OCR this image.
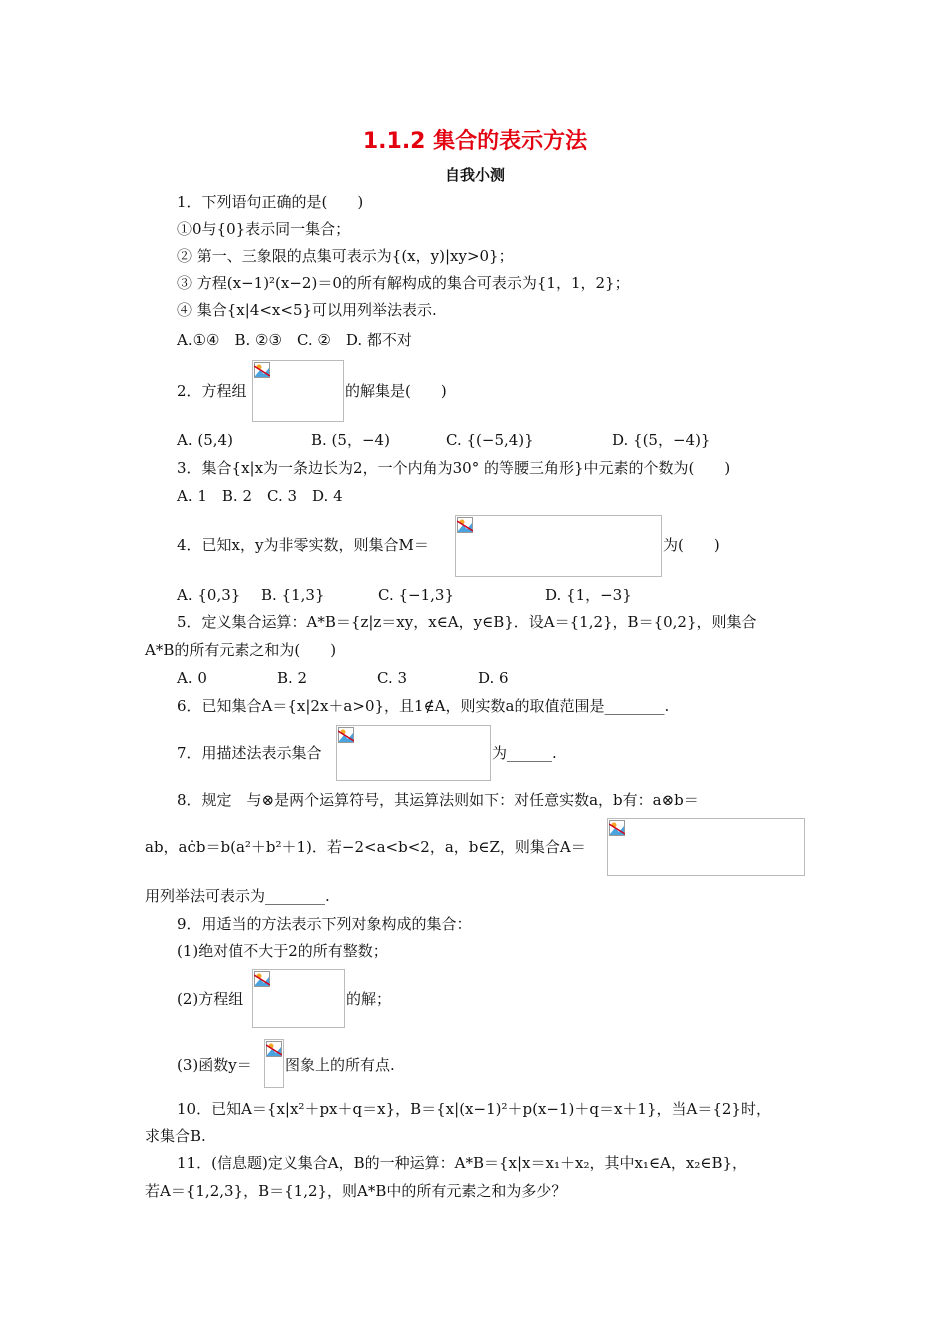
1.1.2 集合的表示方法
自我小测
1．下列语句正确的是(　　)
①0与{0}表示同一集合；
② 第一、三象限的点集可表示为{(x，y)|xy>0}；
③ 方程(x−1)²(x−2)＝0的所有解构成的集合可表示为{1，1，2}；
④ 集合{x|4<x<5}可以用列举法表示.
A.①④　B. ②③　C. ②　D. 都不对
2．方程组	的解集是(　　)
A. (5,4)	B. (5，−4)	C. {(−5,4)}	D. {(5，−4)}
3．集合{x|x为一条边长为2，一个内角为30° 的等腰三角形}中元素的个数为(　　)
A. 1　B. 2　C. 3　D. 4
4．已知x，y为非零实数，则集合M＝	为(　　)
A. {0,3} B. {1,3}	C. {−1,3}	D. {1，−3}
5．定义集合运算：A*B＝{z|z＝xy，x∈A，y∈B}．设A＝{1,2}，B＝{0,2}，则集合
A*B的所有元素之和为(　　)
A. 0	B. 2	C. 3	D. 6
6．已知集合A＝{x|2x＋a>0}，且1∉A，则实数a的取值范围是________.
7．用描述法表示集合	为______.
8．规定　与⊗是两个运算符号，其运算法则如下：对任意实数a，b有：a⊗b＝
ab，aċb＝b(a²＋b²＋1)．若−2<a<b<2，a，b∈Z，则集合A＝
用列举法可表示为________.
9．用适当的方法表示下列对象构成的集合：
(1)绝对值不大于2的所有整数；
(2)方程组	的解；
(3)函数y＝ 图象上的所有点.
10．已知A＝{x|x²＋px＋q＝x}，B＝{x|(x−1)²＋p(x−1)＋q＝x＋1}，当A＝{2}时，
求集合B.
11．(信息题)定义集合A，B的一种运算：A*B＝{x|x＝x₁＋x₂，其中x₁∈A，x₂∈B}，
若A＝{1,2,3}，B＝{1,2}，则A*B中的所有元素之和为多少？
